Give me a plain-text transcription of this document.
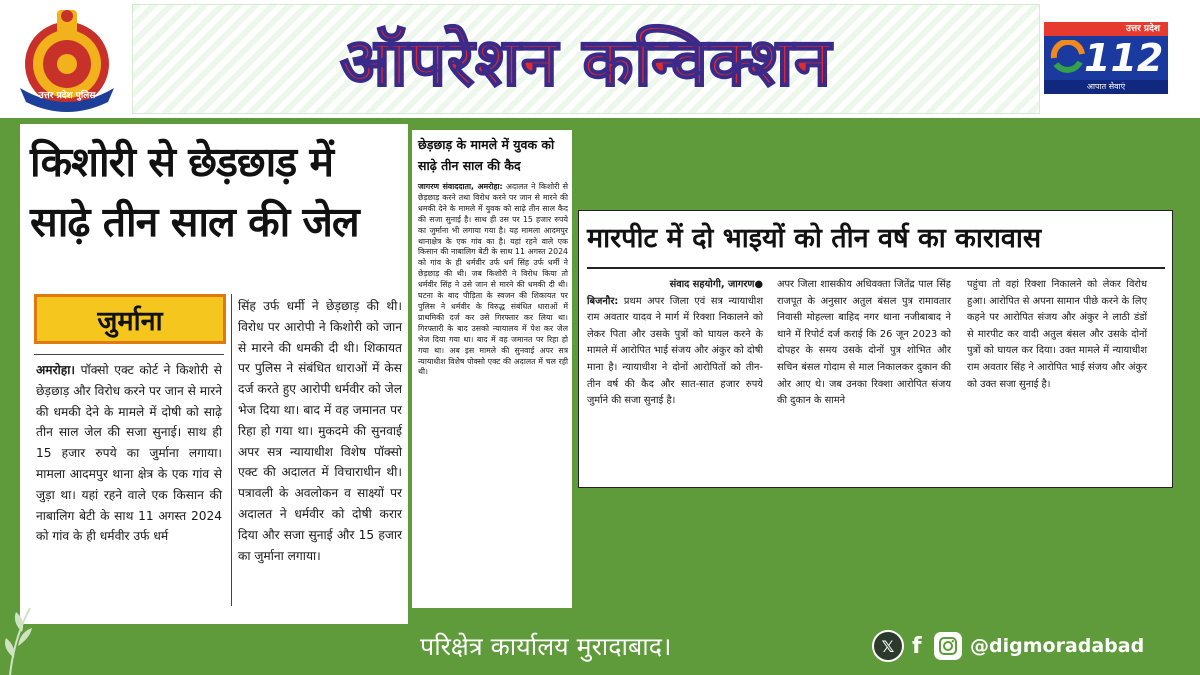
ऑपरेशन कन्विक्शन
उत्तर प्रदेश पुलिस
उत्तर प्रदेश
112
आपात सेवाएं
किशोरी से छेड़छाड़ में
साढ़े तीन साल की जेल
जुर्माना
अमरोहा। पॉक्सो एक्ट कोर्ट ने किशोरी से छेड़छाड़ और विरोध करने पर जान से मारने की धमकी देने के मामले में दोषी को साढ़े तीन साल जेल की सजा सुनाई। साथ ही 15 हजार रुपये का जुर्माना लगाया। मामला आदमपुर थाना क्षेत्र के एक गांव से जुड़ा था। यहां रहने वाले एक किसान की नाबालिग बेटी के साथ 11 अगस्त 2024 को गांव के ही धर्मवीर उर्फ धर्म
सिंह उर्फ धर्मी ने छेड़छाड़ की थी। विरोध पर आरोपी ने किशोरी को जान से मारने की धमकी दी थी। शिकायत पर पुलिस ने संबंधित धाराओं में केस दर्ज करते हुए आरोपी धर्मवीर को जेल भेज दिया था। बाद में वह जमानत पर रिहा हो गया था। मुकदमे की सुनवाई अपर सत्र न्यायाधीश विशेष पॉक्सो एक्ट की अदालत में विचाराधीन थी। पत्रावली के अवलोकन व साक्ष्यों पर अदालत ने धर्मवीर को दोषी करार दिया और सजा सुनाई और 15 हजार का जुर्माना लगाया।
छेड़छाड़ के मामले में युवक को साढ़े तीन साल की कैद
जागरण संवाददाता, अमरोहा: अदालत ने किशोरी से छेड़छाड़ करने तथा विरोध करने पर जान से मारने की धमकी देने के मामले में युवक को साढ़े तीन साल कैद की सजा सुनाई है। साथ ही उस पर 15 हजार रुपये का जुर्माना भी लगाया गया है। यह मामला आदमपुर थानाक्षेत्र के एक गांव का है। यहां रहने वाले एक किसान की नाबालिग बेटी के साथ 11 अगस्त 2024 को गांव के ही धर्मवीर उर्फ धर्म सिंह उर्फ धर्मी ने छेड़छाड़ की थी। जब किशोरी ने विरोध किया तो धर्मवीर सिंह ने उसे जान से मारने की धमकी दी थी। घटना के बाद पीड़िता के स्वजन की शिकायत पर पुलिस ने धर्मवीर के विरुद्ध संबंधित धाराओं में प्राथमिकी दर्ज कर उसे गिरफ्तार कर लिया था। गिरफ्तारी के बाद उसको न्यायालय में पेश कर जेल भेज दिया गया था। बाद में वह जमानत पर रिहा हो गया था। अब इस मामले की सुनवाई अपर सत्र न्यायाधीश विशेष पोक्सो एक्ट की अदालत में चल रही थी।
मारपीट में दो भाइयों को तीन वर्ष का कारावास
संवाद सहयोगी, जागरण●
बिजनौर: प्रथम अपर जिला एवं सत्र न्यायाधीश राम अवतार यादव ने मार्ग में रिक्शा निकालने को लेकर पिता और उसके पुत्रों को घायल करने के मामले में आरोपित भाई संजय और अंकुर को दोषी माना है। न्यायाधीश ने दोनों आरोपितों को तीन-तीन वर्ष की कैद और सात-सात हजार रुपये जुर्माने की सजा सुनाई है।
अपर जिला शासकीय अधिवक्ता जितेंद्र पाल सिंह राजपूत के अनुसार अतुल बंसल पुत्र रामावतार निवासी मोहल्ला बाहिद नगर थाना नजीबाबाद ने थाने में रिपोर्ट दर्ज कराई कि 26 जून 2023 को दोपहर के समय उसके दोनों पुत्र शोभित और सचिन बंसल गोदाम से माल निकालकर दुकान की ओर आए थे। जब उनका रिक्शा आरोपित संजय की दुकान के सामने
पहुंचा तो वहां रिक्शा निकालने को लेकर विरोध हुआ। आरोपित से अपना सामान पीछे करने के लिए कहने पर आरोपित संजय और अंकुर ने लाठी डंडों से मारपीट कर वादी अतुल बंसल और उसके दोनों पुत्रों को घायल कर दिया। उक्त मामले में न्यायाधीश राम अवतार सिंह ने आरोपित भाई संजय और अंकुर को उक्त सजा सुनाई है।
परिक्षेत्र कार्यालय मुरादाबाद।	𝕏 f	@digmoradabad
